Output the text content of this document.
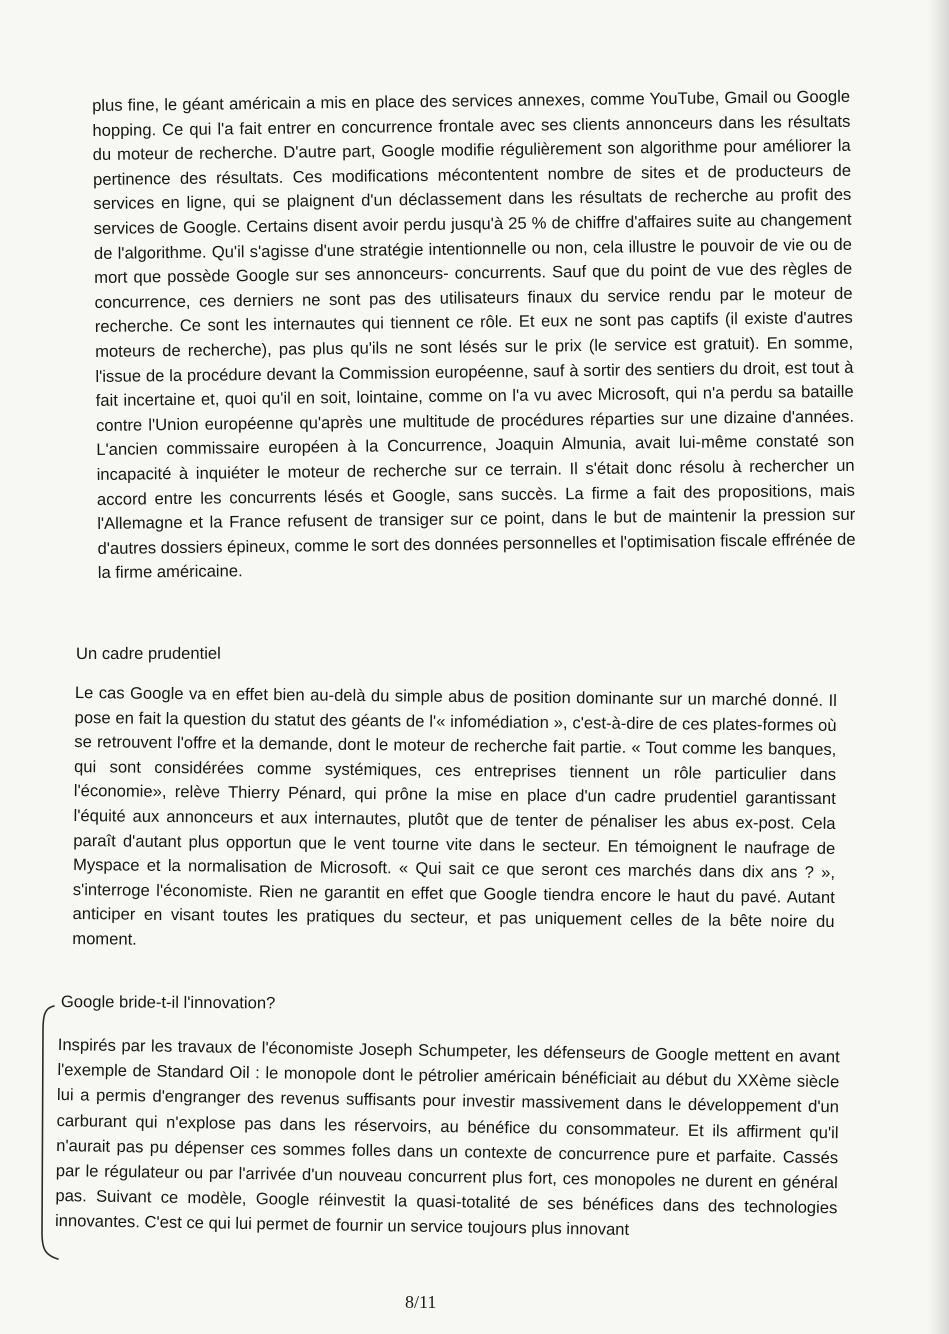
plus fine, le géant américain a mis en place des services annexes, comme YouTube, Gmail ou Google hopping. Ce qui l'a fait entrer en concurrence frontale avec ses clients annonceurs dans les résultats du moteur de recherche. D'autre part, Google modifie régulièrement son algorithme pour améliorer la pertinence des résultats. Ces modifications mécontentent nombre de sites et de producteurs de services en ligne, qui se plaignent d'un déclassement dans les résultats de recherche au profit des services de Google. Certains disent avoir perdu jusqu'à 25 % de chiffre d'affaires suite au changement de l'algorithme. Qu'il s'agisse d'une stratégie intentionnelle ou non, cela illustre le pouvoir de vie ou de mort que possède Google sur ses annonceurs- concurrents. Sauf que du point de vue des règles de concurrence, ces derniers ne sont pas des utilisateurs finaux du service rendu par le moteur de recherche. Ce sont les internautes qui tiennent ce rôle. Et eux ne sont pas captifs (il existe d'autres moteurs de recherche), pas plus qu'ils ne sont lésés sur le prix (le service est gratuit). En somme, l'issue de la procédure devant la Commission européenne, sauf à sortir des sentiers du droit, est tout à fait incertaine et, quoi qu'il en soit, lointaine, comme on l'a vu avec Microsoft, qui n'a perdu sa bataille contre l'Union européenne qu'après une multitude de procédures réparties sur une dizaine d'années. L'ancien commissaire européen à la Concurrence, Joaquin Almunia, avait lui-même constaté son incapacité à inquiéter le moteur de recherche sur ce terrain. Il s'était donc résolu à rechercher un accord entre les concurrents lésés et Google, sans succès. La firme a fait des propositions, mais l'Allemagne et la France refusent de transiger sur ce point, dans le but de maintenir la pression sur d'autres dossiers épineux, comme le sort des données personnelles et l'optimisation fiscale effrénée de la firme américaine.

Un cadre prudentiel

Le cas Google va en effet bien au-delà du simple abus de position dominante sur un marché donné. Il pose en fait la question du statut des géants de l'« infomédiation », c'est-à-dire de ces plates-formes où se retrouvent l'offre et la demande, dont le moteur de recherche fait partie. « Tout comme les banques, qui sont considérées comme systémiques, ces entreprises tiennent un rôle particulier dans l'économie», relève Thierry Pénard, qui prône la mise en place d'un cadre prudentiel garantissant l'équité aux annonceurs et aux internautes, plutôt que de tenter de pénaliser les abus ex-post. Cela paraît d'autant plus opportun que le vent tourne vite dans le secteur. En témoignent le naufrage de Myspace et la normalisation de Microsoft. « Qui sait ce que seront ces marchés dans dix ans ? », s'interroge l'économiste. Rien ne garantit en effet que Google tiendra encore le haut du pavé. Autant anticiper en visant toutes les pratiques du secteur, et pas uniquement celles de la bête noire du moment.

Google bride-t-il l'innovation?

Inspirés par les travaux de l'économiste Joseph Schumpeter, les défenseurs de Google mettent en avant l'exemple de Standard Oil : le monopole dont le pétrolier américain bénéficiait au début du XXème siècle lui a permis d'engranger des revenus suffisants pour investir massivement dans le développement d'un carburant qui n'explose pas dans les réservoirs, au bénéfice du consommateur. Et ils affirment qu'il n'aurait pas pu dépenser ces sommes folles dans un contexte de concurrence pure et parfaite. Cassés par le régulateur ou par l'arrivée d'un nouveau concurrent plus fort, ces monopoles ne durent en général pas. Suivant ce modèle, Google réinvestit la quasi-totalité de ses bénéfices dans des technologies innovantes. C'est ce qui lui permet de fournir un service toujours plus innovant

8/11
